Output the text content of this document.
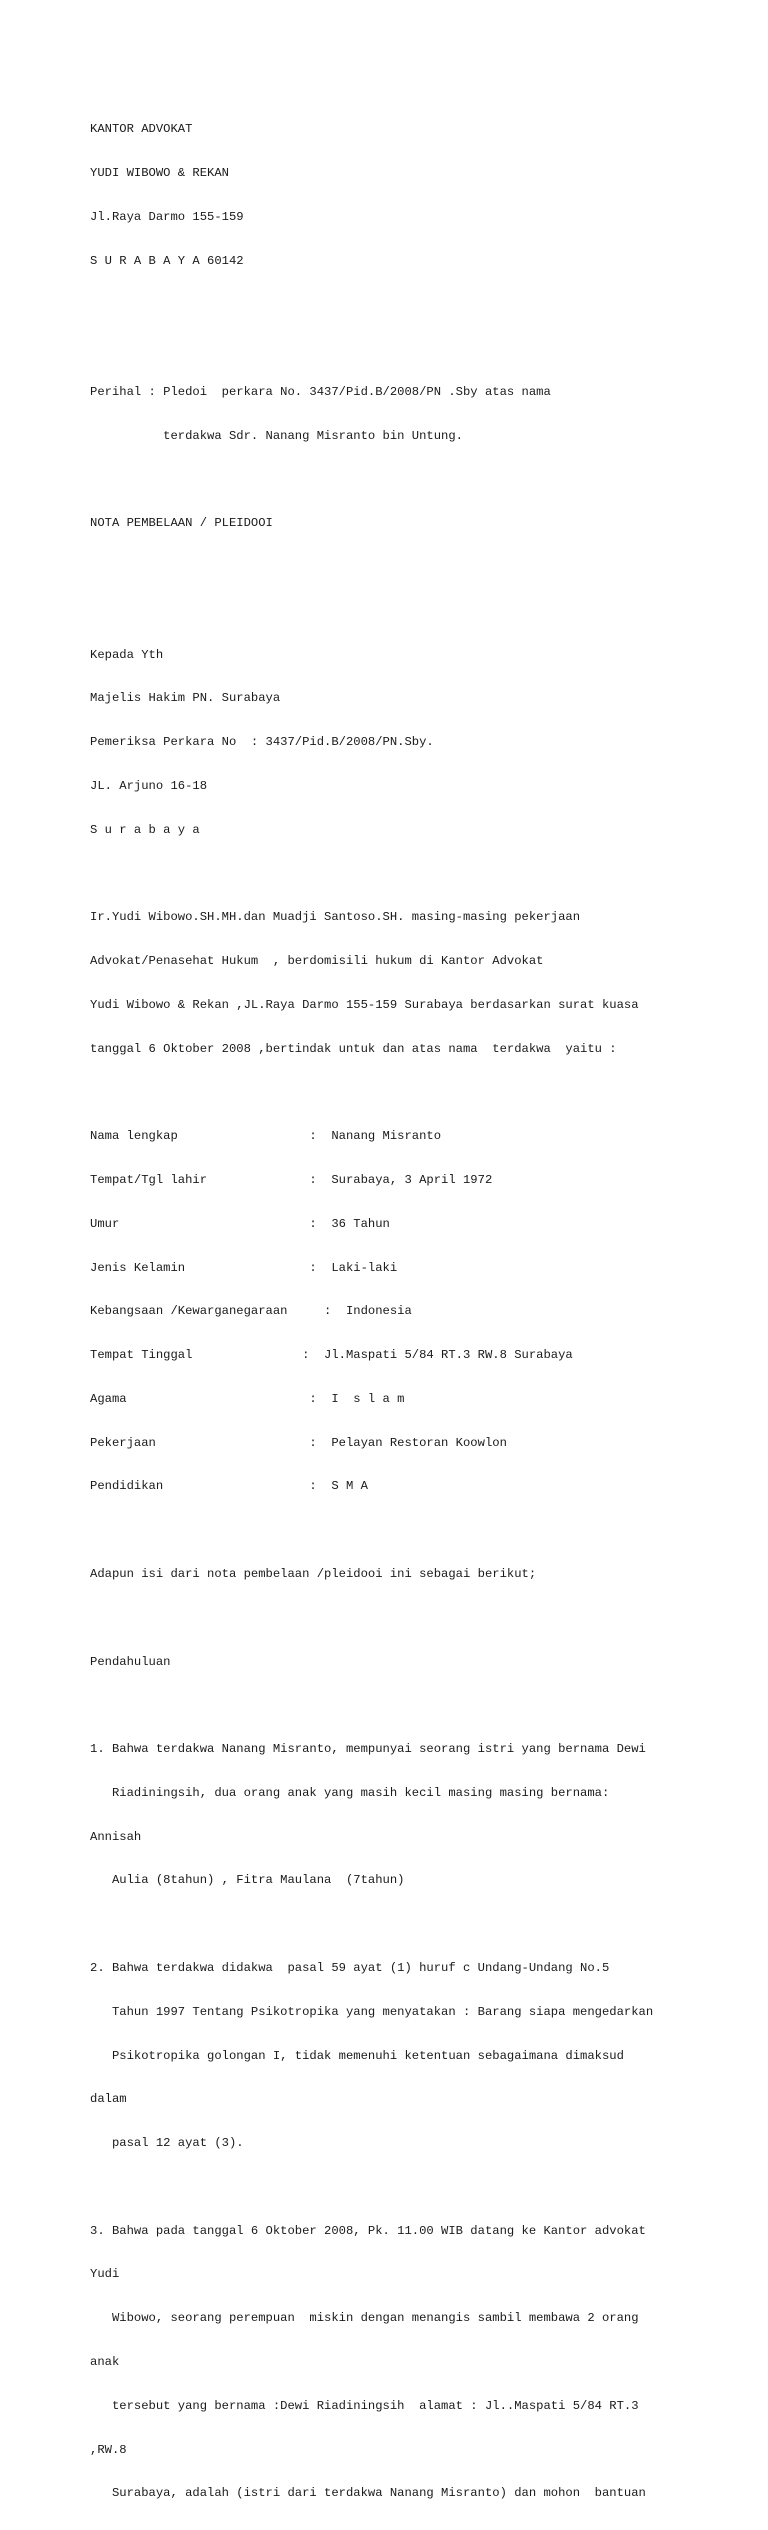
KANTOR ADVOKAT

YUDI WIBOWO & REKAN

Jl.Raya Darmo 155-159

S U R A B A Y A 60142

Perihal : Pledoi  perkara No. 3437/Pid.B/2008/PN .Sby atas nama

terdakwa Sdr. Nanang Misranto bin Untung.

NOTA PEMBELAAN / PLEIDOOI

Kepada Yth

Majelis Hakim PN. Surabaya

Pemeriksa Perkara No  : 3437/Pid.B/2008/PN.Sby.

JL. Arjuno 16-18

S u r a b a y a

Ir.Yudi Wibowo.SH.MH.dan Muadji Santoso.SH. masing-masing pekerjaan

Advokat/Penasehat Hukum  , berdomisili hukum di Kantor Advokat

Yudi Wibowo & Rekan ,JL.Raya Darmo 155-159 Surabaya berdasarkan surat kuasa

tanggal 6 Oktober 2008 ,bertindak untuk dan atas nama  terdakwa  yaitu :

Nama lengkap                  :  Nanang Misranto

Tempat/Tgl lahir              :  Surabaya, 3 April 1972

Umur                          :  36 Tahun

Jenis Kelamin                 :  Laki-laki

Kebangsaan /Kewarganegaraan     :  Indonesia

Tempat Tinggal               :  Jl.Maspati 5/84 RT.3 RW.8 Surabaya

Agama                         :  I  s l a m

Pekerjaan                     :  Pelayan Restoran Koowlon

Pendidikan                    :  S M A

Adapun isi dari nota pembelaan /pleidooi ini sebagai berikut;

Pendahuluan

1. Bahwa terdakwa Nanang Misranto, mempunyai seorang istri yang bernama Dewi

Riadiningsih, dua orang anak yang masih kecil masing masing bernama:

Annisah

Aulia (8tahun) , Fitra Maulana  (7tahun)

2. Bahwa terdakwa didakwa  pasal 59 ayat (1) huruf c Undang-Undang No.5

Tahun 1997 Tentang Psikotropika yang menyatakan : Barang siapa mengedarkan

Psikotropika golongan I, tidak memenuhi ketentuan sebagaimana dimaksud

dalam

pasal 12 ayat (3).

3. Bahwa pada tanggal 6 Oktober 2008, Pk. 11.00 WIB datang ke Kantor advokat

Yudi

Wibowo, seorang perempuan  miskin dengan menangis sambil membawa 2 orang

anak

tersebut yang bernama :Dewi Riadiningsih  alamat : Jl..Maspati 5/84 RT.3

,RW.8

Surabaya, adalah (istri dari terdakwa Nanang Misranto) dan mohon  bantuan
